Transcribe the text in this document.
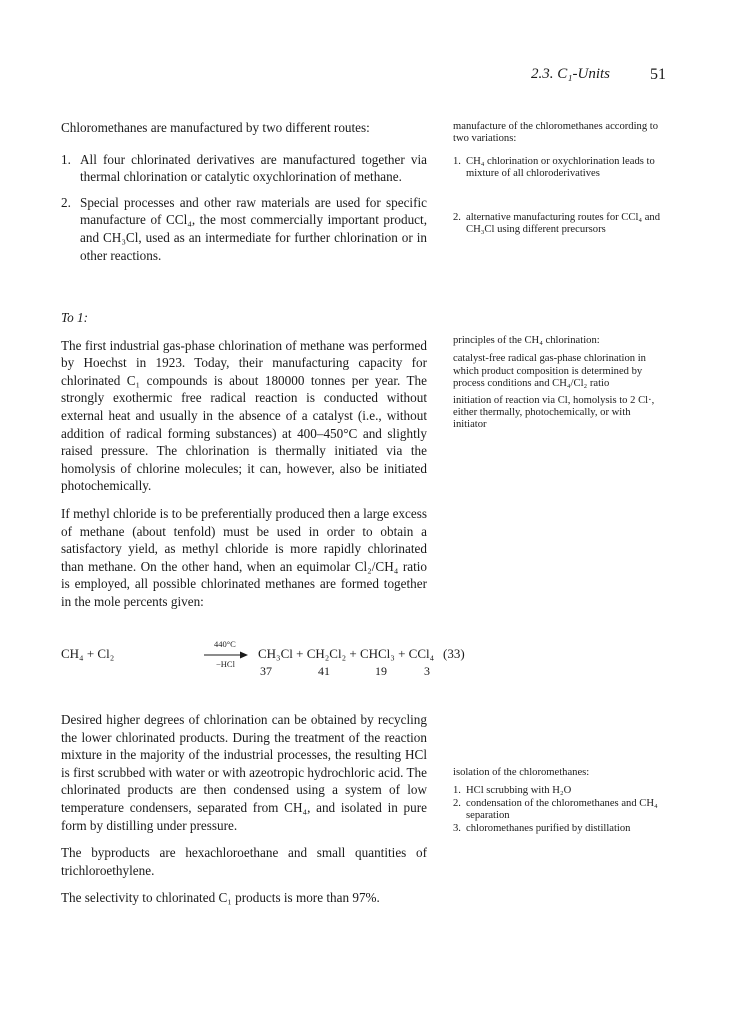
2.3. C₁-Units	51

Chloromethanes are manufactured by two different routes:

1. All four chlorinated derivatives are manufactured together via thermal chlorination or catalytic oxychlorination of methane.
2. Special processes and other raw materials are used for specific manufacture of CCl₄, the most commercially important product, and CH₃Cl, used as an intermediate for further chlorination or in other reactions.

manufacture of the chloromethanes according to two variations:

1. CH₄ chlorination or oxychlorination leads to mixture of all chloroderivatives
2. alternative manufacturing routes for CCl₄ and CH₃Cl using different precursors

To 1:

The first industrial gas-phase chlorination of methane was performed by Hoechst in 1923. Today, their manufacturing capacity for chlorinated C₁ compounds is about 180000 tonnes per year. The strongly exothermic free radical reaction is conducted without external heat and usually in the absence of a catalyst (i.e., without addition of radical forming substances) at 400–450°C and slightly raised pressure. The chlorination is thermally initiated via the homolysis of chlorine molecules; it can, however, also be initiated photochemically.

If methyl chloride is to be preferentially produced then a large excess of methane (about tenfold) must be used in order to obtain a satisfactory yield, as methyl chloride is more rapidly chlorinated than methane. On the other hand, when an equimolar Cl₂/CH₄ ratio is employed, all possible chlorinated methanes are formed together in the mole percents given:

principles of the CH₄ chlorination:

catalyst-free radical gas-phase chlorination in which product composition is determined by process conditions and CH₄/Cl₂ ratio

initiation of reaction via Cl, homolysis to 2 Cl·, either thermally, photochemically, or with initiator

CH₄ + Cl₂
440°C
−HCl
CH₃Cl + CH₂Cl₂ + CHCl₃ + CCl₄ (33)
37	41	19	3

Desired higher degrees of chlorination can be obtained by recycling the lower chlorinated products. During the treatment of the reaction mixture in the majority of the industrial processes, the resulting HCl is first scrubbed with water or with azeotropic hydrochloric acid. The chlorinated products are then condensed using a system of low temperature condensers, separated from CH₄, and isolated in pure form by distilling under pressure.

The byproducts are hexachloroethane and small quantities of trichloroethylene.

The selectivity to chlorinated C₁ products is more than 97%.

isolation of the chloromethanes:

1. HCl scrubbing with H₂O
2. condensation of the chloromethanes and CH₄ separation
3. chloromethanes purified by distillation
